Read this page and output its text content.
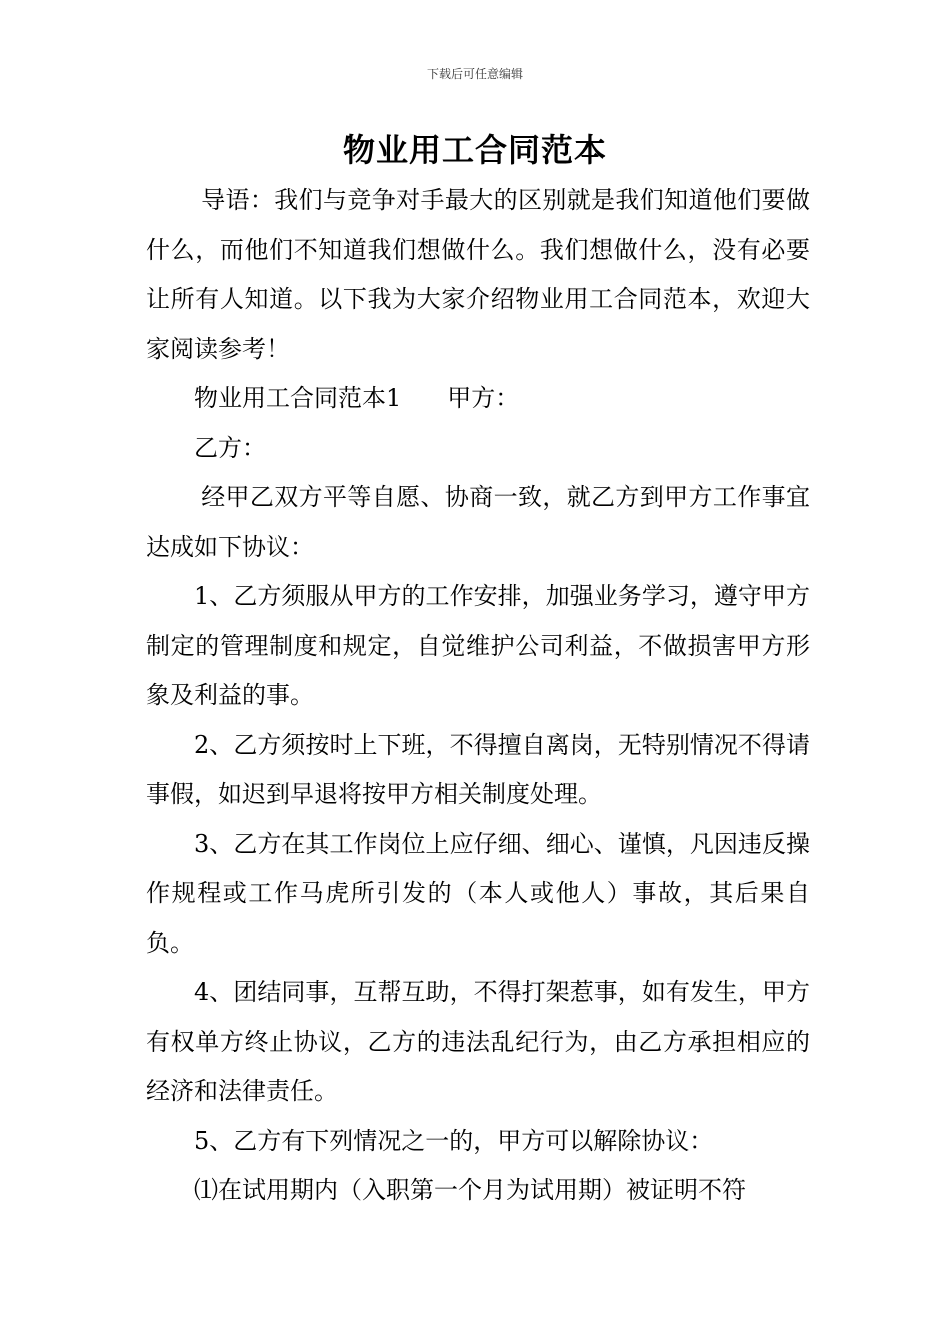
下载后可任意编辑
物业用工合同范本

导语：我们与竞争对手最大的区别就是我们知道他们要做什么，而他们不知道我们想做什么。我们想做什么，没有必要让所有人知道。以下我为大家介绍物业用工合同范本，欢迎大家阅读参考！

物业用工合同范本1 甲方：

乙方：

经甲乙双方平等自愿、协商一致，就乙方到甲方工作事宜达成如下协议：

1、乙方须服从甲方的工作安排，加强业务学习，遵守甲方制定的管理制度和规定，自觉维护公司利益，不做损害甲方形象及利益的事。

2、乙方须按时上下班，不得擅自离岗，无特别情况不得请事假，如迟到早退将按甲方相关制度处理。

3、乙方在其工作岗位上应仔细、细心、谨慎，凡因违反操作规程或工作马虎所引发的（本人或他人）事故，其后果自负。

4、团结同事，互帮互助，不得打架惹事，如有发生，甲方有权单方终止协议，乙方的违法乱纪行为，由乙方承担相应的经济和法律责任。

5、乙方有下列情况之一的，甲方可以解除协议：

⑴在试用期内（入职第一个月为试用期）被证明不符
